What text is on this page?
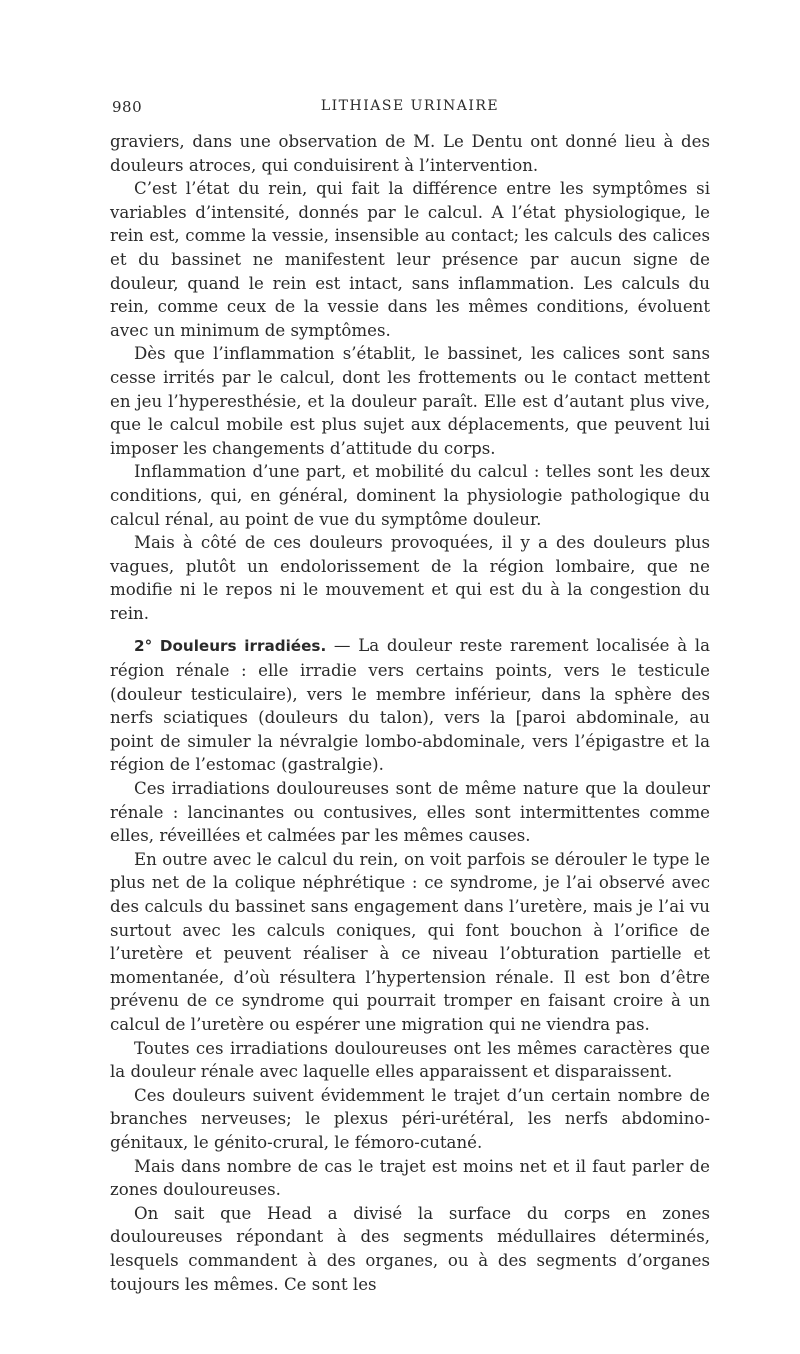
980	LITHIASE URINAIRE

graviers, dans une observation de M. Le Dentu ont donné lieu à des douleurs atroces, qui conduisirent à l’intervention.

C’est l’état du rein, qui fait la différence entre les symptômes si variables d’intensité, donnés par le calcul. A l’état physiologique, le rein est, comme la vessie, insensible au contact; les calculs des calices et du bassinet ne manifestent leur présence par aucun signe de douleur, quand le rein est intact, sans inflammation. Les calculs du rein, comme ceux de la vessie dans les mêmes conditions, évoluent avec un minimum de symptômes.

Dès que l’inflammation s’établit, le bassinet, les calices sont sans cesse irrités par le calcul, dont les frottements ou le contact mettent en jeu l’hyperesthésie, et la douleur paraît. Elle est d’autant plus vive, que le calcul mobile est plus sujet aux déplacements, que peuvent lui imposer les changements d’attitude du corps.

Inflammation d’une part, et mobilité du calcul : telles sont les deux conditions, qui, en général, dominent la physiologie pathologique du calcul rénal, au point de vue du symptôme douleur.

Mais à côté de ces douleurs provoquées, il y a des douleurs plus vagues, plutôt un endolorissement de la région lombaire, que ne modifie ni le repos ni le mouvement et qui est du à la congestion du rein.

2° Douleurs irradiées. — La douleur reste rarement localisée à la région rénale : elle irradie vers certains points, vers le testicule (douleur testiculaire), vers le membre inférieur, dans la sphère des nerfs sciatiques (douleurs du talon), vers la [paroi abdominale, au point de simuler la névralgie lombo-abdominale, vers l’épigastre et la région de l’estomac (gastralgie).

Ces irradiations douloureuses sont de même nature que la douleur rénale : lancinantes ou contusives, elles sont intermittentes comme elles, réveillées et calmées par les mêmes causes.

En outre avec le calcul du rein, on voit parfois se dérouler le type le plus net de la colique néphrétique : ce syndrome, je l’ai observé avec des calculs du bassinet sans engagement dans l’uretère, mais je l’ai vu surtout avec les calculs coniques, qui font bouchon à l’orifice de l’uretère et peuvent réaliser à ce niveau l’obturation partielle et momentanée, d’où résultera l’hypertension rénale. Il est bon d’être prévenu de ce syndrome qui pourrait tromper en faisant croire à un calcul de l’uretère ou espérer une migration qui ne viendra pas.

Toutes ces irradiations douloureuses ont les mêmes caractères que la douleur rénale avec laquelle elles apparaissent et disparaissent.

Ces douleurs suivent évidemment le trajet d’un certain nombre de branches nerveuses; le plexus péri-urétéral, les nerfs abdomino-génitaux, le génito-crural, le fémoro-cutané.

Mais dans nombre de cas le trajet est moins net et il faut parler de zones douloureuses.

On sait que Head a divisé la surface du corps en zones douloureuses répondant à des segments médullaires déterminés, lesquels commandent à des organes, ou à des segments d’organes toujours les mêmes. Ce sont les
